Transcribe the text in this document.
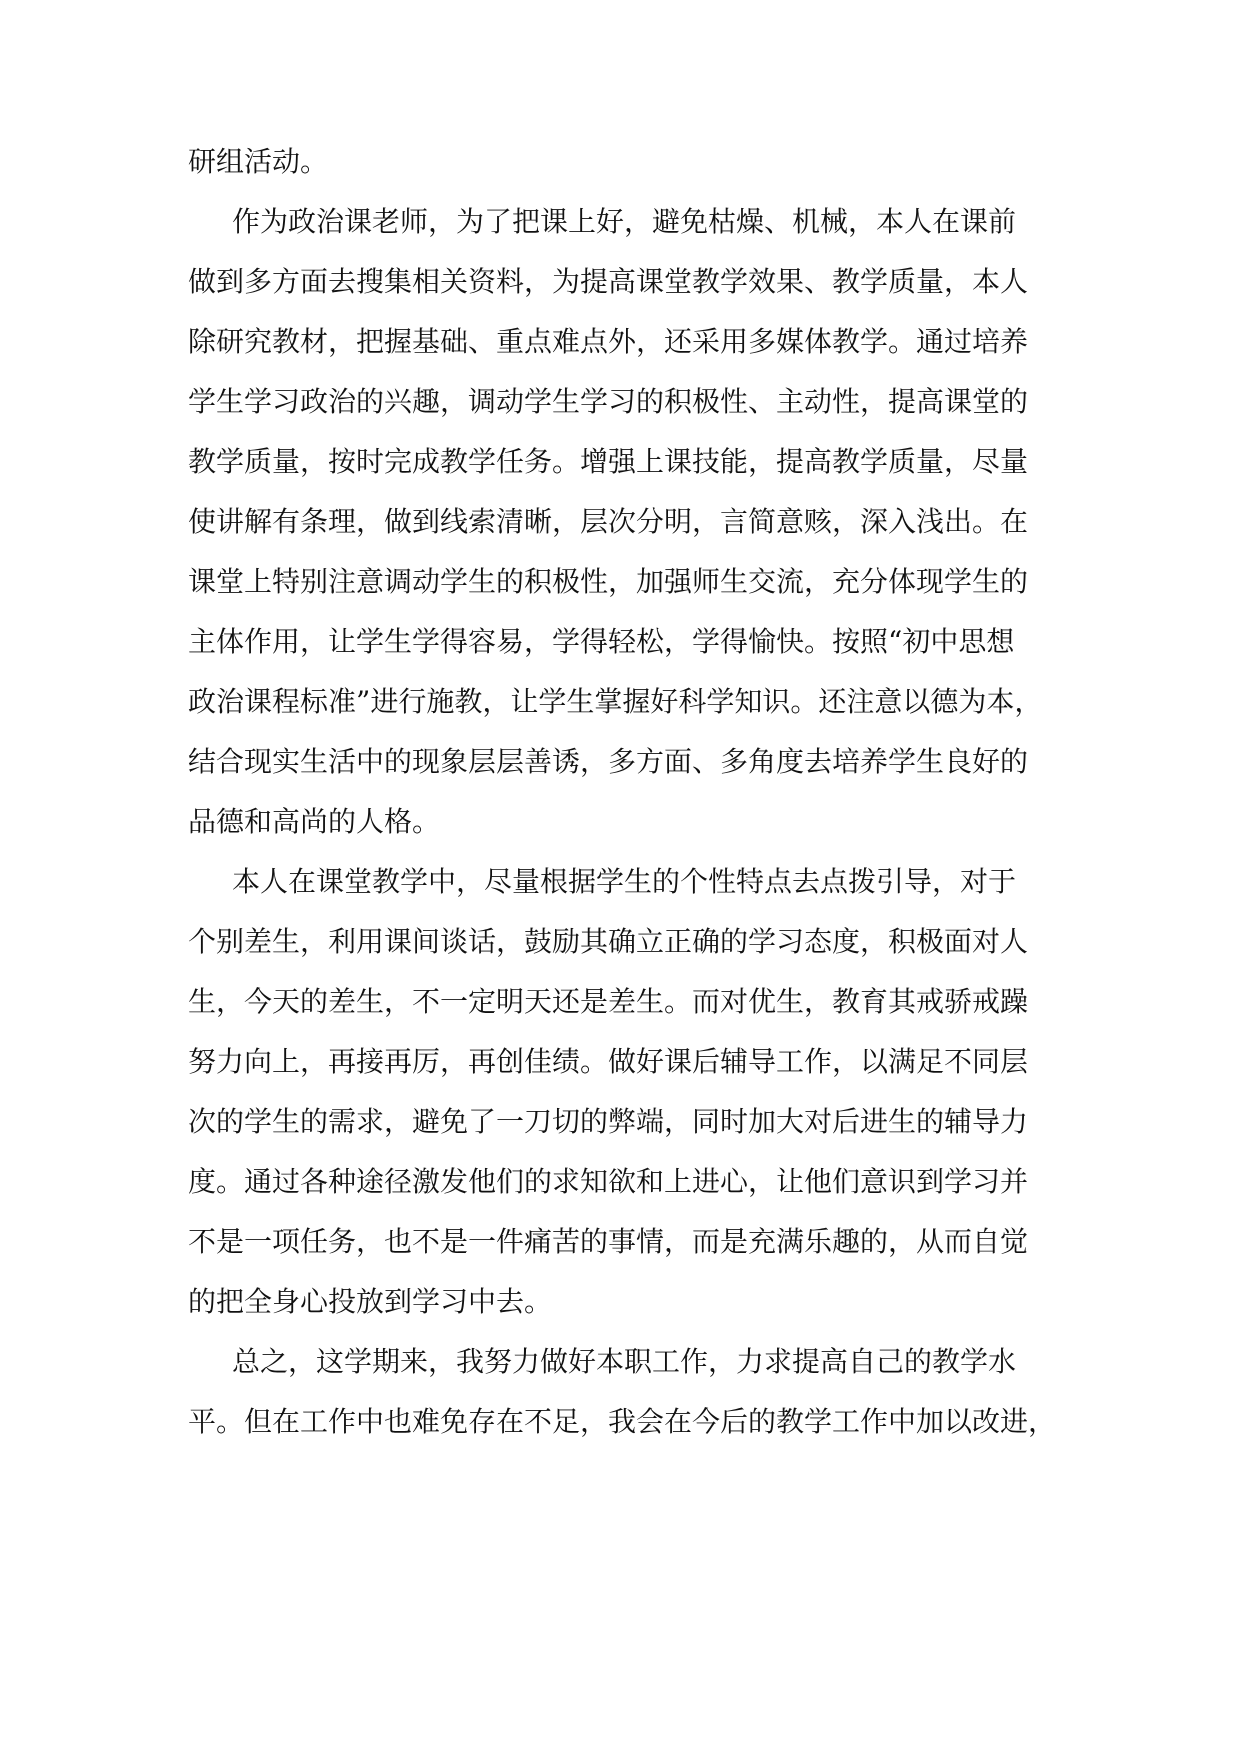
研组活动。
作为政治课老师，为了把课上好，避免枯燥、机械，本人在课前
做到多方面去搜集相关资料，为提高课堂教学效果、教学质量，本人
除研究教材，把握基础、重点难点外，还采用多媒体教学。通过培养
学生学习政治的兴趣，调动学生学习的积极性、主动性，提高课堂的
教学质量，按时完成教学任务。增强上课技能，提高教学质量，尽量
使讲解有条理，做到线索清晰，层次分明，言简意赅，深入浅出。在
课堂上特别注意调动学生的积极性，加强师生交流，充分体现学生的
主体作用，让学生学得容易，学得轻松，学得愉快。按照“初中思想
政治课程标准”进行施教，让学生掌握好科学知识。还注意以德为本，
结合现实生活中的现象层层善诱，多方面、多角度去培养学生良好的
品德和高尚的人格。
本人在课堂教学中，尽量根据学生的个性特点去点拨引导，对于
个别差生，利用课间谈话，鼓励其确立正确的学习态度，积极面对人
生，今天的差生，不一定明天还是差生。而对优生，教育其戒骄戒躁
努力向上，再接再厉，再创佳绩。做好课后辅导工作，以满足不同层
次的学生的需求，避免了一刀切的弊端，同时加大对后进生的辅导力
度。通过各种途径激发他们的求知欲和上进心，让他们意识到学习并
不是一项任务，也不是一件痛苦的事情，而是充满乐趣的，从而自觉
的把全身心投放到学习中去。
总之，这学期来，我努力做好本职工作，力求提高自己的教学水
平。但在工作中也难免存在不足，我会在今后的教学工作中加以改进，
